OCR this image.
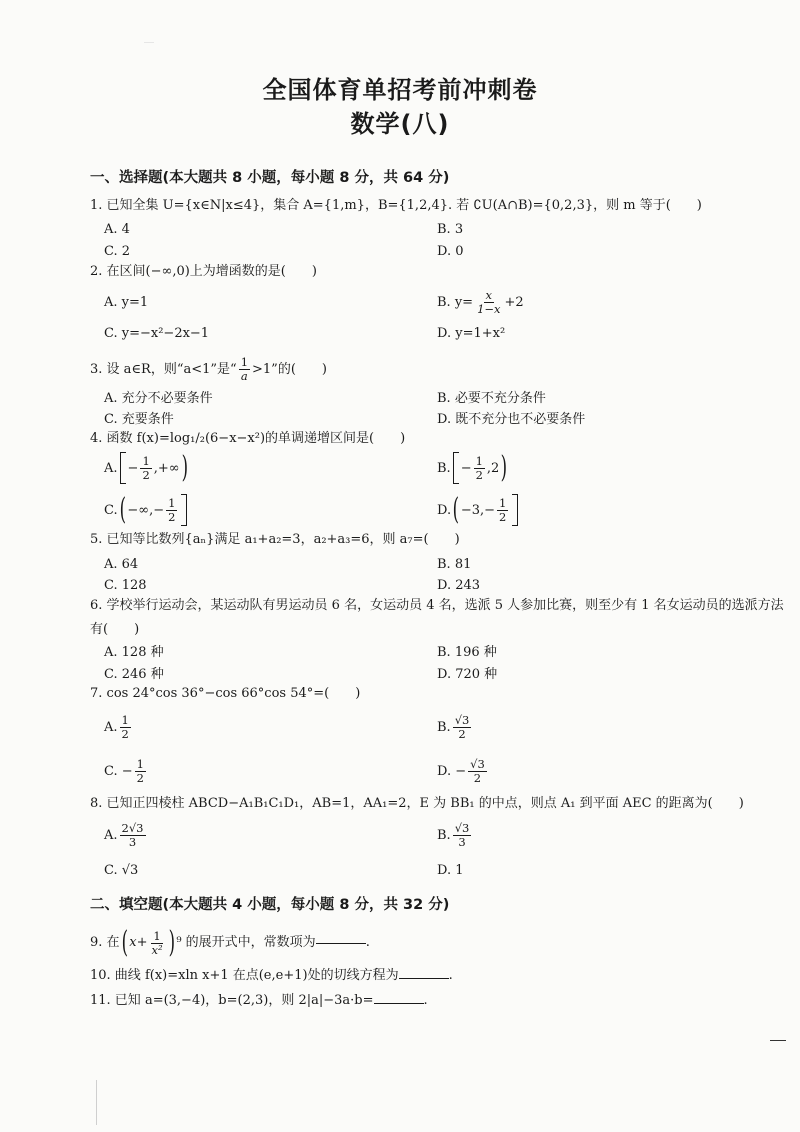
全国体育单招考前冲刺卷
数学(八)
一、选择题(本大题共 8 小题，每小题 8 分，共 64 分)
1. 已知全集 U={x∈N|x≤4}，集合 A={1,m}，B={1,2,4}. 若 ∁U(A∩B)={0,2,3}，则 m 等于(　　)
A. 4	B. 3
C. 2	D. 0
2. 在区间(−∞,0)上为增函数的是(　　)
A. y=1	B. $y= \frac{x}{1-x} +2$
C. y=−x²−2x−1	D. y=1+x²
3. 设 a∈R，则“a<1”是“ $\frac{1}{a} >1$”的(　　)
A. 充分不必要条件	B. 必要不充分条件
C. 充要条件	D. 既不充分也不必要条件
4. 函数 f(x)=log₁/₂(6−x−x²)的单调递增区间是(　　)
A. − $\frac{1}{2}$ ,+∞ )	B. − $\frac{1}{2} ,2$ )
C. ( −∞,− $\frac{1}{2}$	D. ( $-3,- \frac{1}{2}$
5. 已知等比数列{aₙ}满足 a₁+a₂=3，a₂+a₃=6，则 a₇=(　　)
A. 64	B. 81
C. 128	D. 243
6. 学校举行运动会，某运动队有男运动员 6 名，女运动员 4 名，选派 5 人参加比赛，则至少有 1 名女运动员的选派方法有(　　)
A. 128 种	B. 196 种
C. 246 种	D. 720 种
7. cos 24°cos 36°−cos 66°cos 54°=(　　)
A. $\frac{1}{2}$	B. $\frac{√3}{2}$
C. − $\frac{1}{2}$	D. − $\frac{√3}{2}$
8. 已知正四棱柱 ABCD−A₁B₁C₁D₁，AB=1，AA₁=2，E 为 BB₁ 的中点，则点 A₁ 到平面 AEC 的距离为(　　)
A. $\frac{2√3}{3}$	B. $\frac{√3}{3}$
C. √3	D. 1
二、填空题(本大题共 4 小题，每小题 8 分，共 32 分)
9. 在 ( $x+ \frac{1}{\text{x²}}$ ) ⁹ 的展开式中，常数项为	.
10. 曲线 f(x)=xln x+1 在点(e,e+1)处的切线方程为	.
11. 已知 a=(3,−4)，b=(2,3)，则 2|a|−3a·b=	.
